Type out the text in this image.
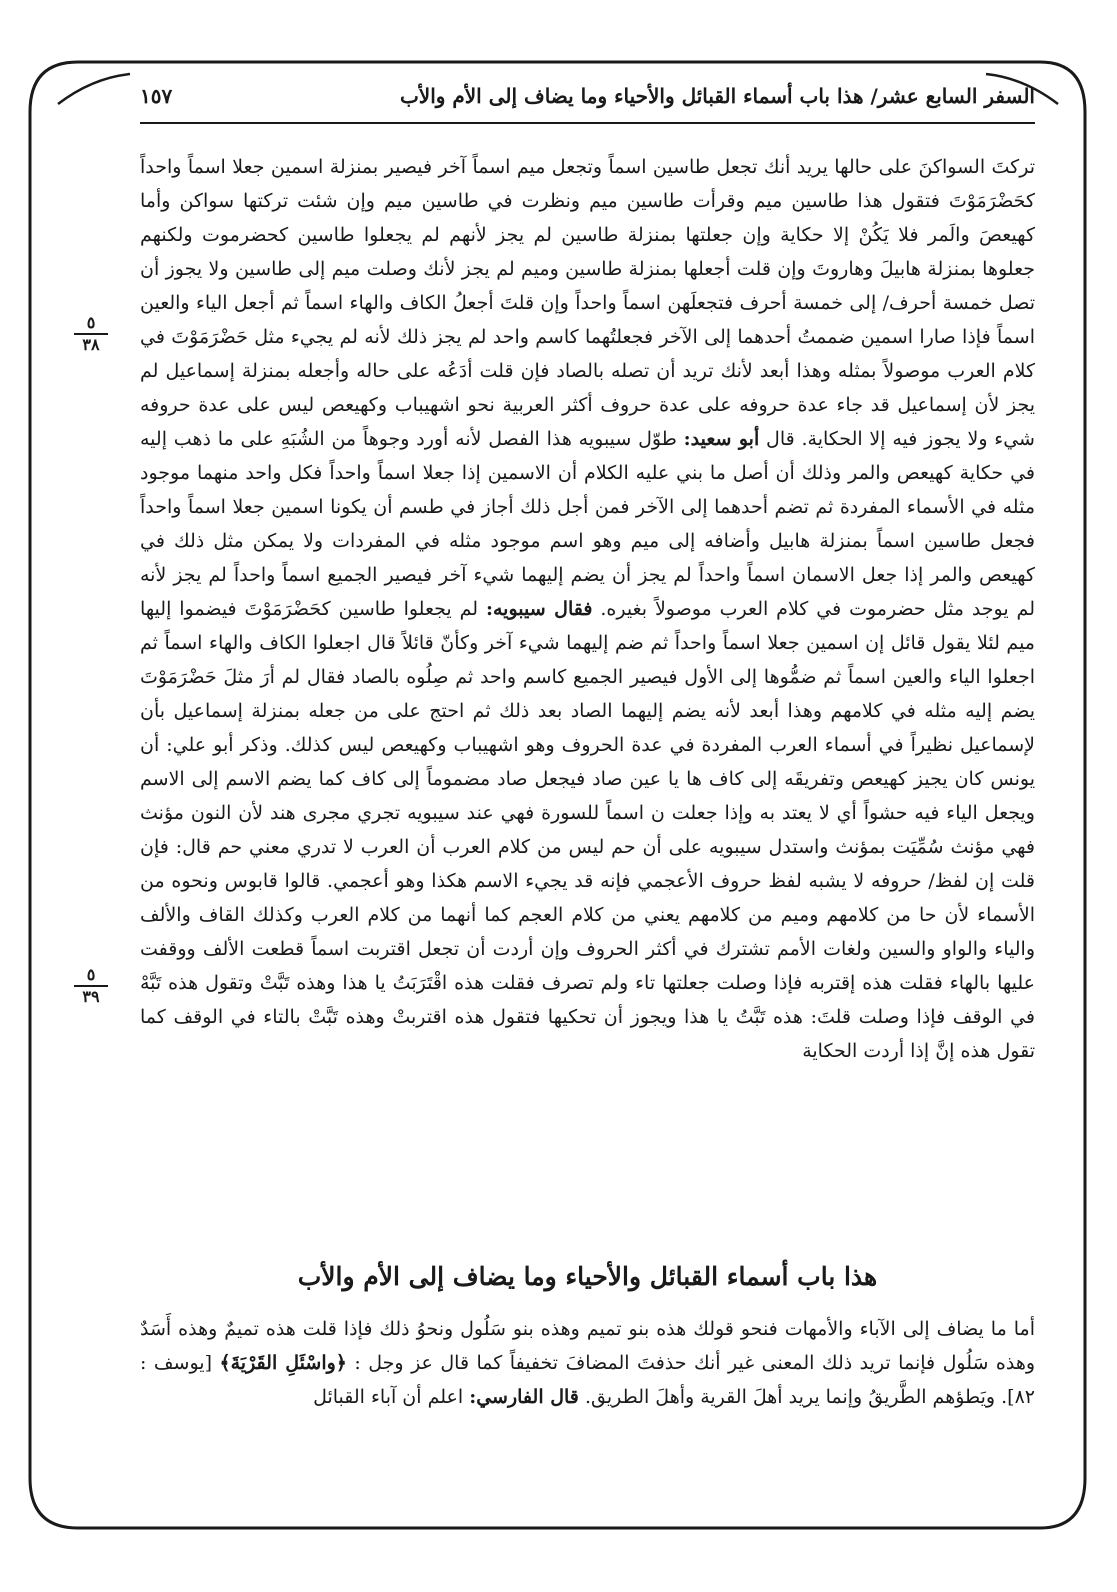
السفر السابع عشر/ هذا باب أسماء القبائل والأحياء وما يضاف إلى الأم والأب
١٥٧
٥
٣٨
٥
٣٩

تركتَ السواكنَ على حالها يريد أنك تجعل طاسين اسماً وتجعل ميم اسماً آخر فيصير بمنزلة اسمين جعلا اسماً واحداً كحَضْرَمَوْتَ فتقول هذا طاسين ميم وقرأت طاسين ميم ونظرت في طاسين ميم وإن شئت تركتها سواكن وأما كهيعصَ والَمر فلا يَكُنْ إلا حكاية وإن جعلتها بمنزلة طاسين لم يجز لأنهم لم يجعلوا طاسين كحضرموت ولكنهم جعلوها بمنزلة هابيلَ وهاروتَ وإن قلت أجعلها بمنزلة طاسين وميم لم يجز لأنك وصلت ميم إلى طاسين ولا يجوز أن تصل خمسة أحرف/ إلى خمسة أحرف فتجعلَهن اسماً واحداً وإن قلتَ أجعلُ الكاف والهاء اسماً ثم أجعل الياء والعين اسماً فإذا صارا اسمين ضممتُ أحدهما إلى الآخر فجعلتُهما كاسم واحد لم يجز ذلك لأنه لم يجيء مثل حَضْرَمَوْتَ في كلام العرب موصولاً بمثله وهذا أبعد لأنك تريد أن تصله بالصاد فإن قلت أدَعُه على حاله وأجعله بمنزلة إسماعيل لم يجز لأن إسماعيل قد جاء عدة حروفه على عدة حروف أكثر العربية نحو اشهيباب وكهيعص ليس على عدة حروفه شيء ولا يجوز فيه إلا الحكاية. قال أبو سعيد: طوّل سيبويه هذا الفصل لأنه أورد وجوهاً من الشُبَهِ على ما ذهب إليه في حكاية كهيعص والمر وذلك أن أصل ما بني عليه الكلام أن الاسمين إذا جعلا اسماً واحداً فكل واحد منهما موجود مثله في الأسماء المفردة ثم تضم أحدهما إلى الآخر فمن أجل ذلك أجاز في طسم أن يكونا اسمين جعلا اسماً واحداً فجعل طاسين اسماً بمنزلة هابيل وأضافه إلى ميم وهو اسم موجود مثله في المفردات ولا يمكن مثل ذلك في كهيعص والمر إذا جعل الاسمان اسماً واحداً لم يجز أن يضم إليهما شيء آخر فيصير الجميع اسماً واحداً لم يجز لأنه لم يوجد مثل حضرموت في كلام العرب موصولاً بغيره. فقال سيبويه: لم يجعلوا طاسين كحَضْرَمَوْتَ فيضموا إليها ميم لئلا يقول قائل إن اسمين جعلا اسماً واحداً ثم ضم إليهما شيء آخر وكأنّ قائلاً قال اجعلوا الكاف والهاء اسماً ثم اجعلوا الياء والعين اسماً ثم ضمُّوها إلى الأول فيصير الجميع كاسم واحد ثم صِلُوه بالصاد فقال لم أرَ مثلَ حَضْرَمَوْتَ يضم إليه مثله في كلامهم وهذا أبعد لأنه يضم إليهما الصاد بعد ذلك ثم احتج على من جعله بمنزلة إسماعيل بأن لإسماعيل نظيراً في أسماء العرب المفردة في عدة الحروف وهو اشهيباب وكهيعص ليس كذلك. وذكر أبو علي: أن يونس كان يجيز كهيعص وتفريقَه إلى كاف ها يا عين صاد فيجعل صاد مضموماً إلى كاف كما يضم الاسم إلى الاسم ويجعل الياء فيه حشواً أي لا يعتد به وإذا جعلت ن اسماً للسورة فهي عند سيبويه تجري مجرى هند لأن النون مؤنث فهي مؤنث سُمِّيَت بمؤنث واستدل سيبويه على أن حم ليس من كلام العرب أن العرب لا تدري معني حم قال: فإن قلت إن لفظ/ حروفه لا يشبه لفظ حروف الأعجمي فإنه قد يجيء الاسم هكذا وهو أعجمي. قالوا قابوس ونحوه من الأسماء لأن حا من كلامهم وميم من كلامهم يعني من كلام العجم كما أنهما من كلام العرب وكذلك القاف والألف والياء والواو والسين ولغات الأمم تشترك في أكثر الحروف وإن أردت أن تجعل اقتربت اسماً قطعت الألف ووقفت عليها بالهاء فقلت هذه إقتربه فإذا وصلت جعلتها تاء ولم تصرف فقلت هذه اقْتَرَبَتُ يا هذا وهذه تَبَّتْ وتقول هذه تَبَّهْ في الوقف فإذا وصلت قلتَ: هذه تَبَّتُ يا هذا ويجوز أن تحكيها فتقول هذه اقتربتْ وهذه تَبَّتْ بالتاء في الوقف كما تقول هذه إنَّ إذا أردت الحكاية

هذا باب أسماء القبائل والأحياء وما يضاف إلى الأم والأب

أما ما يضاف إلى الآباء والأمهات فنحو قولك هذه بنو تميم وهذه بنو سَلُول ونحوُ ذلك فإذا قلت هذه تميمٌ وهذه أَسَدٌ وهذه سَلُول فإنما تريد ذلك المعنى غير أنك حذفتَ المضافَ تخفيفاً كما قال عز وجل : ﴿واسْئَلِ القَرْيَةَ﴾ [يوسف : ٨٢]. ويَطؤهم الطَّريقُ وإنما يريد أهلَ القرية وأهلَ الطريق. قال الفارسي: اعلم أن آباء القبائل
